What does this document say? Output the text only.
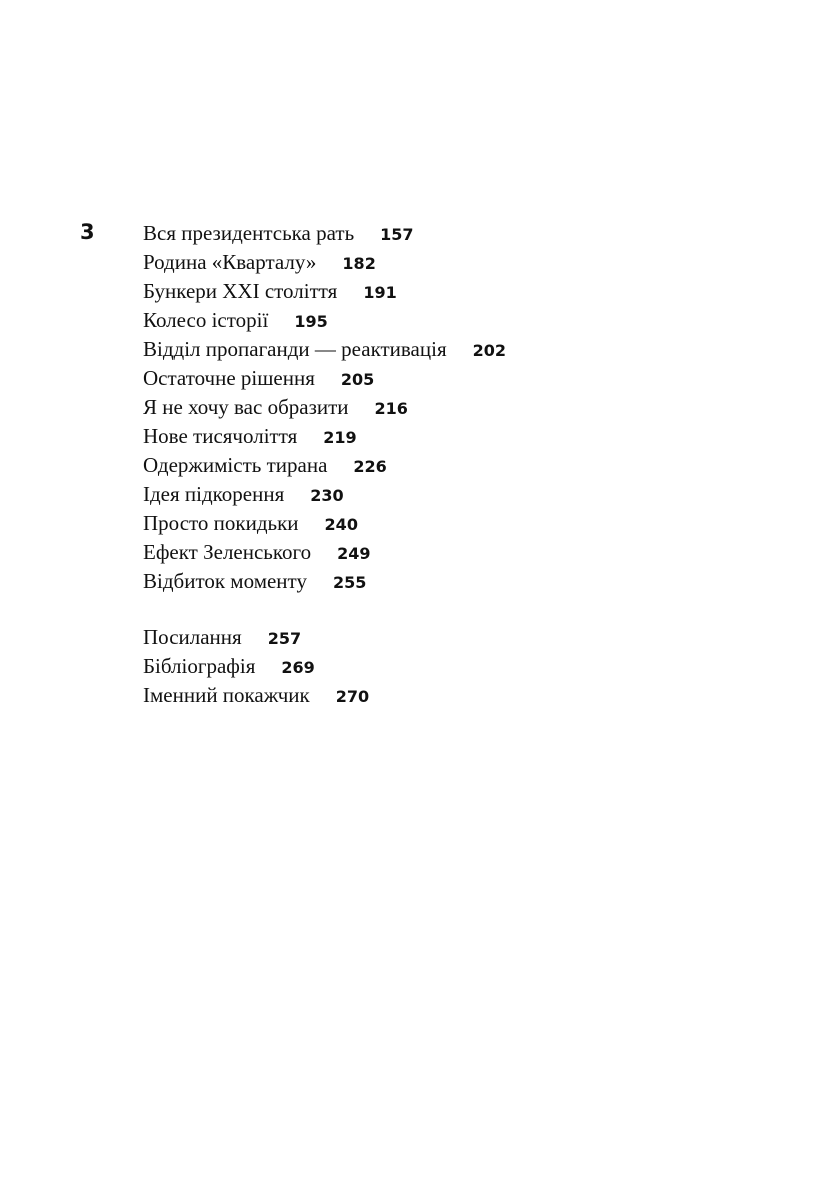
3 Вся президентська рать 157
Родина «Кварталу» 182
Бункери XXI століття 191
Колесо історії 195
Відділ пропаганди — реактивація 202
Остаточне рішення 205
Я не хочу вас образити 216
Нове тисячоліття 219
Одержимість тирана 226
Ідея підкорення 230
Просто покидьки 240
Ефект Зеленського 249
Відбиток моменту 255
Посилання 257
Бібліографія 269
Іменний покажчик 270
